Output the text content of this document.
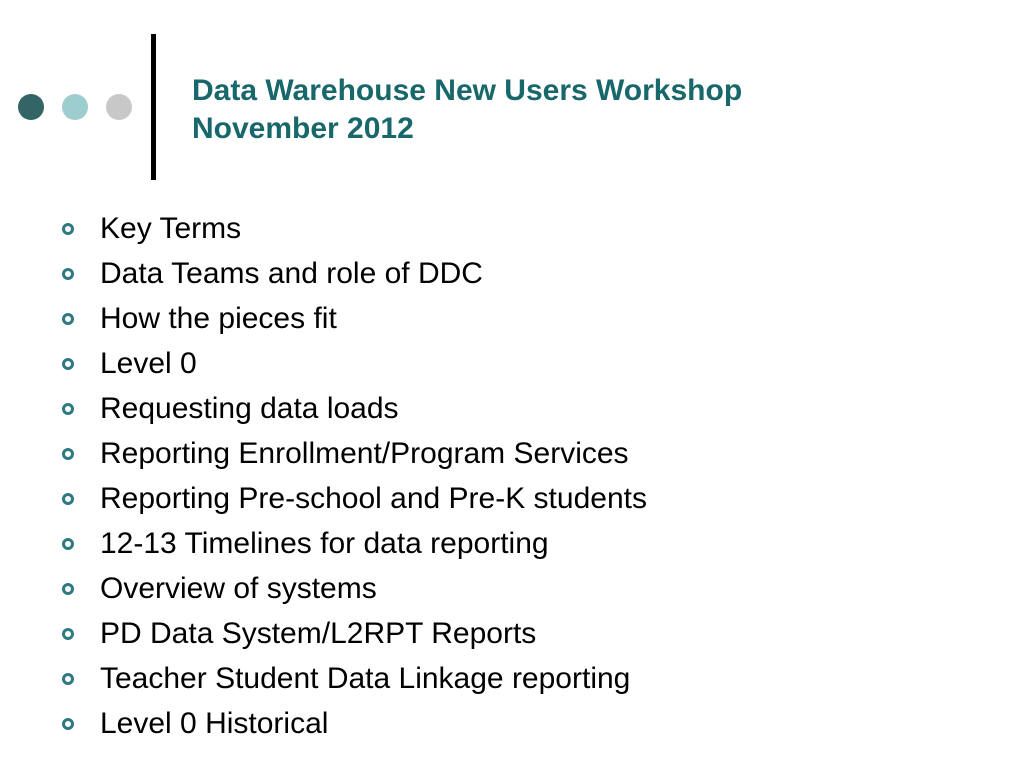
Data Warehouse New Users Workshop
November 2012
Key Terms
Data Teams and role of DDC
How the pieces fit
Level 0
Requesting data loads
Reporting Enrollment/Program Services
Reporting Pre-school and Pre-K students
12-13 Timelines for data reporting
Overview of systems
PD Data System/L2RPT Reports
Teacher Student Data Linkage reporting
Level 0 Historical
